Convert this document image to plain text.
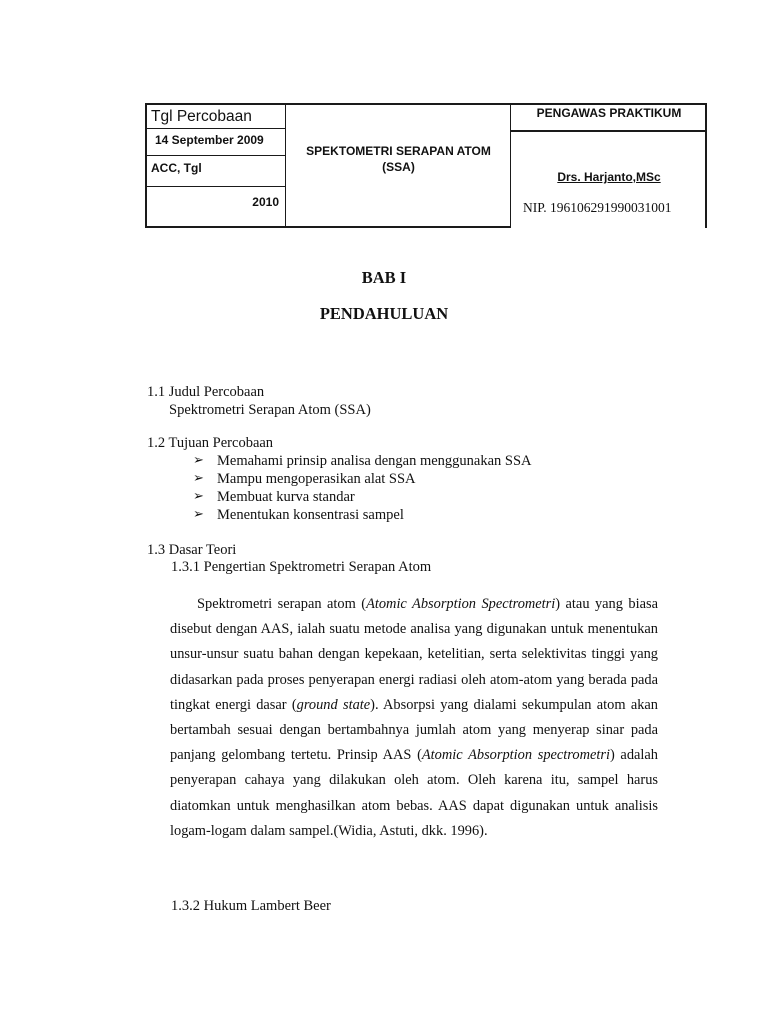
Tgl Percobaan
14 September 2009
ACC, Tgl
2010
SPEKTOMETRI SERAPAN ATOM
(SSA)
PENGAWAS PRAKTIKUM
Drs. Harjanto,MSc
NIP. 196106291990031001
BAB I
PENDAHULUAN
1.1 Judul Percobaan
Spektrometri Serapan Atom (SSA)
1.2 Tujuan Percobaan
➢ Memahami prinsip analisa dengan menggunakan SSA
➢ Mampu mengoperasikan alat SSA
➢ Membuat kurva standar
➢ Menentukan konsentrasi sampel
1.3 Dasar Teori
1.3.1 Pengertian Spektrometri Serapan Atom

Spektrometri serapan atom (Atomic Absorption Spectrometri) atau yang biasa disebut dengan AAS, ialah suatu metode analisa yang digunakan untuk menentukan unsur-unsur suatu bahan dengan kepekaan, ketelitian, serta selektivitas tinggi yang didasarkan pada proses penyerapan energi radiasi oleh atom-atom yang berada pada tingkat energi dasar (ground state). Absorpsi yang dialami sekumpulan atom akan bertambah sesuai dengan bertambahnya jumlah atom yang menyerap sinar pada panjang gelombang tertetu. Prinsip AAS (Atomic Absorption spectrometri) adalah penyerapan cahaya yang dilakukan oleh atom. Oleh karena itu, sampel harus diatomkan untuk menghasilkan atom bebas. AAS dapat digunakan untuk analisis logam-logam dalam sampel.(Widia, Astuti, dkk. 1996).

1.3.2 Hukum Lambert Beer
